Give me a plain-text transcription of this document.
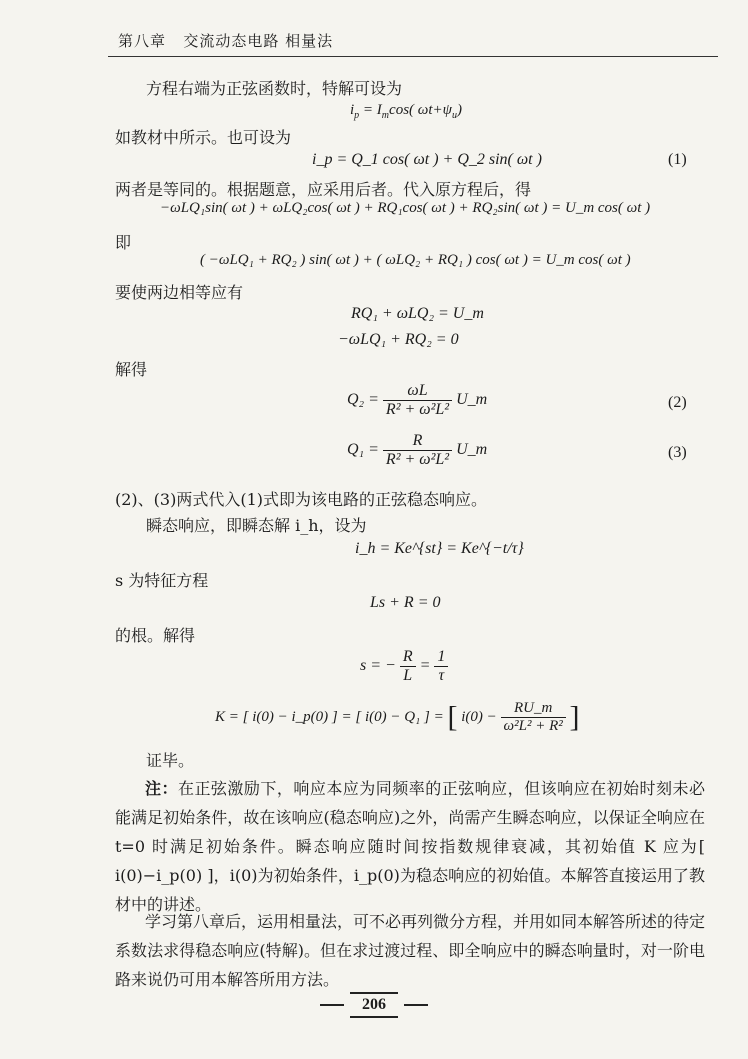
第八章 交流动态电路 相量法
方程右端为正弦函数时，特解可设为
$i_p = I_m\cos$( $\omega t+\psi_u$)
如教材中所示。也可设为
i_p = Q_1 cos( ωt ) + Q_2 sin( ωt )	(1)
两者是等同的。根据题意，应采用后者。代入原方程后，得
−ωLQ₁sin( ωt ) + ωLQ₂cos( ωt ) + RQ₁cos( ωt ) + RQ₂sin( ωt ) = U_m cos( ωt )
即
( −ωLQ₁ + RQ₂ ) sin( ωt ) + ( ωLQ₂ + RQ₁ ) cos( ωt ) = U_m cos( ωt )
要使两边相等应有
RQ₁ + ωLQ₂ = U_m
−ωLQ₁ + RQ₂ = 0
解得
$Q_2 = \frac{\omega L}{\text{R² + ω²L²}}$ U_m	(2)
$Q_1 = \frac{R}{\text{R² + ω²L²}}$ U_m	(3)
(2)、(3)两式代入(1)式即为该电路的正弦稳态响应。
瞬态响应，即瞬态解 i_h，设为
i_h = Ke^{st} = Ke^{−t/τ}
s 为特征方程
Ls + R = 0
的根。解得
s = − $\frac{R}{L} = \frac{1}{\tau}$
K = [ i(0) − i_p(0) ] = [ i(0) − Q₁ ] = [ $i(0) - \frac{RU\_m}{\text{ω²L² + R²}}$ ]
证毕。
注：在正弦激励下，响应本应为同频率的正弦响应，但该响应在初始时刻未必能满足初始条件，故在该响应(稳态响应)之外，尚需产生瞬态响应，以保证全响应在 t=0 时满足初始条件。瞬态响应随时间按指数规律衰减，其初始值 K 应为[ i(0)−i_p(0) ]，i(0)为初始条件，i_p(0)为稳态响应的初始值。本解答直接运用了教材中的讲述。
学习第八章后，运用相量法，可不必再列微分方程，并用如同本解答所述的待定系数法求得稳态响应(特解)。但在求过渡过程、即全响应中的瞬态响量时，对一阶电路来说仍可用本解答所用方法。
206
